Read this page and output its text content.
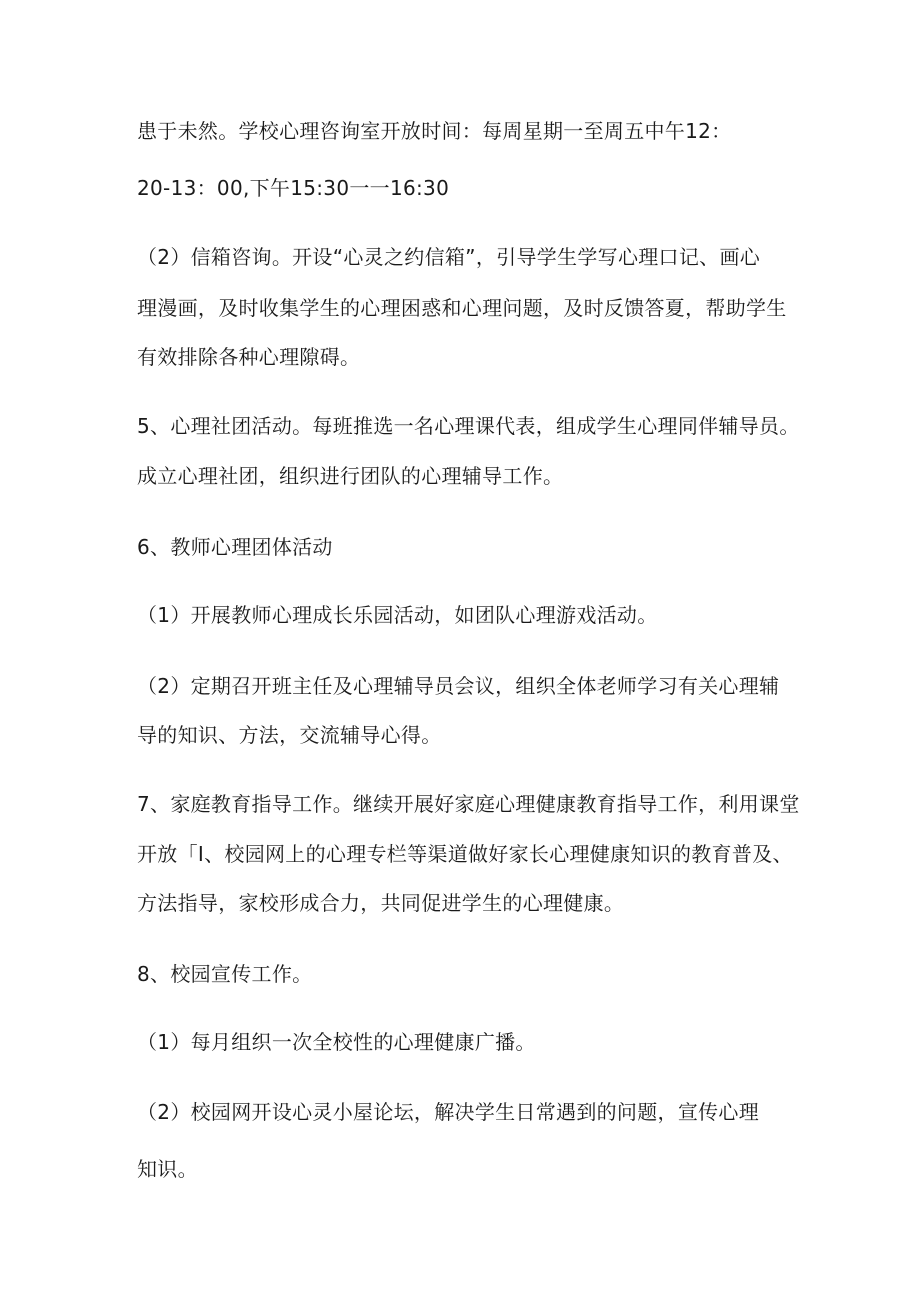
患于未然。学校心理咨询室开放时间：每周星期一至周五中午12：

20-13：00,下午15:30一一16:30

（2）信箱咨询。开设“心灵之约信箱”，引导学生学写心理口记、画心

理漫画，及时收集学生的心理困惑和心理问题，及时反馈答夏，帮助学生

有效排除各种心理隙碍。

5、心理社团活动。每班推选一名心理课代表，组成学生心理同伴辅导员。

成立心理社团，组织进行团队的心理辅导工作。

6、教师心理团体活动

（1）开展教师心理成长乐园活动，如团队心理游戏活动。

（2）定期召开班主任及心理辅导员会议，组织全体老师学习有关心理辅

导的知识、方法，交流辅导心得。

7、家庭教育指导工作。继续开展好家庭心理健康教育指导工作，利用课堂

开放「I、校园网上的心理专栏等渠道做好家长心理健康知识的教育普及、

方法指导，家校形成合力，共同促进学生的心理健康。

8、校园宣传工作。

（1）每月组织一次全校性的心理健康广播。

（2）校园网开设心灵小屋论坛，解决学生日常遇到的问题，宣传心理

知识。
